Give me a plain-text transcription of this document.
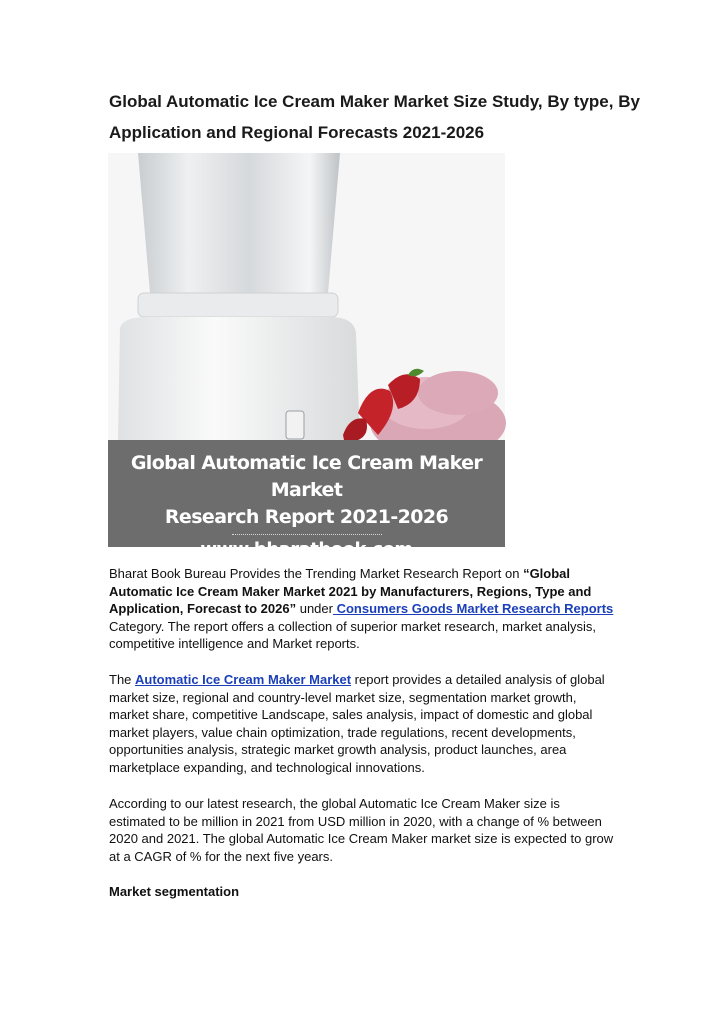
Global Automatic Ice Cream Maker Market Size Study, By type, By Application and Regional Forecasts 2021-2026
Global Automatic Ice Cream Maker Market
Research Report 2021-2026
www.bharatbook.com

Bharat Book Bureau Provides the Trending Market Research Report on “Global Automatic Ice Cream Maker Market 2021 by Manufacturers, Regions, Type and Application, Forecast to 2026” under Consumers Goods Market Research Reports
Category. The report offers a collection of superior market research, market analysis, competitive intelligence and Market reports.

The Automatic Ice Cream Maker Market report provides a detailed analysis of global market size, regional and country-level market size, segmentation market growth, market share, competitive Landscape, sales analysis, impact of domestic and global market players, value chain optimization, trade regulations, recent developments, opportunities analysis, strategic market growth analysis, product launches, area marketplace expanding, and technological innovations.

According to our latest research, the global Automatic Ice Cream Maker size is estimated to be million in 2021 from USD million in 2020, with a change of % between 2020 and 2021. The global Automatic Ice Cream Maker market size is expected to grow at a CAGR of % for the next five years.

Market segmentation
